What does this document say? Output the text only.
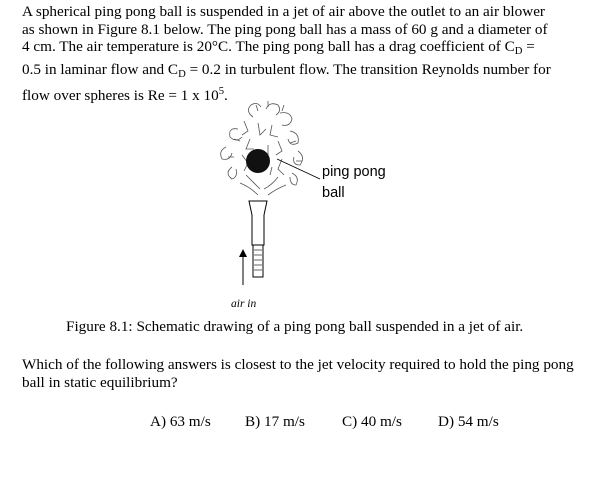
A spherical ping pong ball is suspended in a jet of air above the outlet to an air blower
as shown in Figure 8.1 below. The ping pong ball has a mass of 60 g and a diameter of
4 cm. The air temperature is 20°C. The ping pong ball has a drag coefficient of $C_D$ =
0.5 in laminar flow and $C_D = 0.2$ in turbulent flow. The transition Reynolds number for
flow over spheres is Re = 1 x $10^5$.
ping pong
ball
air in
Figure 8.1: Schematic drawing of a ping pong ball suspended in a jet of air.
Which of the following answers is closest to the jet velocity required to hold the ping pong ball in static equilibrium?
A) 63 m/s B) 17 m/s C) 40 m/s D) 54 m/s
